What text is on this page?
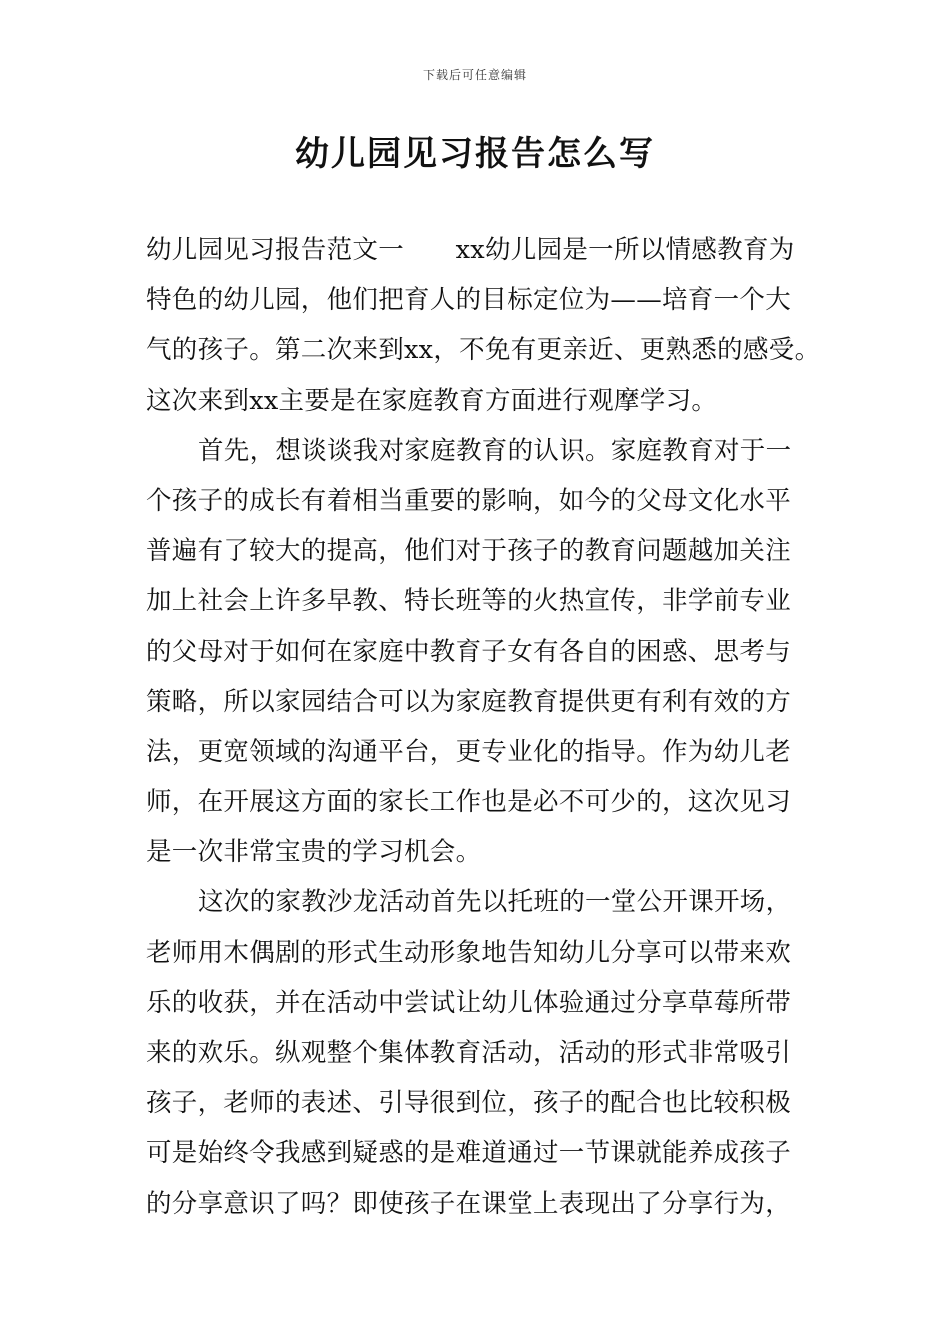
下载后可任意编辑
幼儿园见习报告怎么写
幼儿园见习报告范文一　　xx幼儿园是一所以情感教育为
特色的幼儿园，他们把育人的目标定位为——培育一个大
气的孩子。第二次来到xx，不免有更亲近、更熟悉的感受。
这次来到xx主要是在家庭教育方面进行观摩学习。
首先，想谈谈我对家庭教育的认识。家庭教育对于一
个孩子的成长有着相当重要的影响，如今的父母文化水平
普遍有了较大的提高，他们对于孩子的教育问题越加关注
加上社会上许多早教、特长班等的火热宣传，非学前专业
的父母对于如何在家庭中教育子女有各自的困惑、思考与
策略，所以家园结合可以为家庭教育提供更有利有效的方
法，更宽领域的沟通平台，更专业化的指导。作为幼儿老
师，在开展这方面的家长工作也是必不可少的，这次见习
是一次非常宝贵的学习机会。
这次的家教沙龙活动首先以托班的一堂公开课开场，
老师用木偶剧的形式生动形象地告知幼儿分享可以带来欢
乐的收获，并在活动中尝试让幼儿体验通过分享草莓所带
来的欢乐。纵观整个集体教育活动，活动的形式非常吸引
孩子，老师的表述、引导很到位，孩子的配合也比较积极
可是始终令我感到疑惑的是难道通过一节课就能养成孩子
的分享意识了吗？即使孩子在课堂上表现出了分享行为，
